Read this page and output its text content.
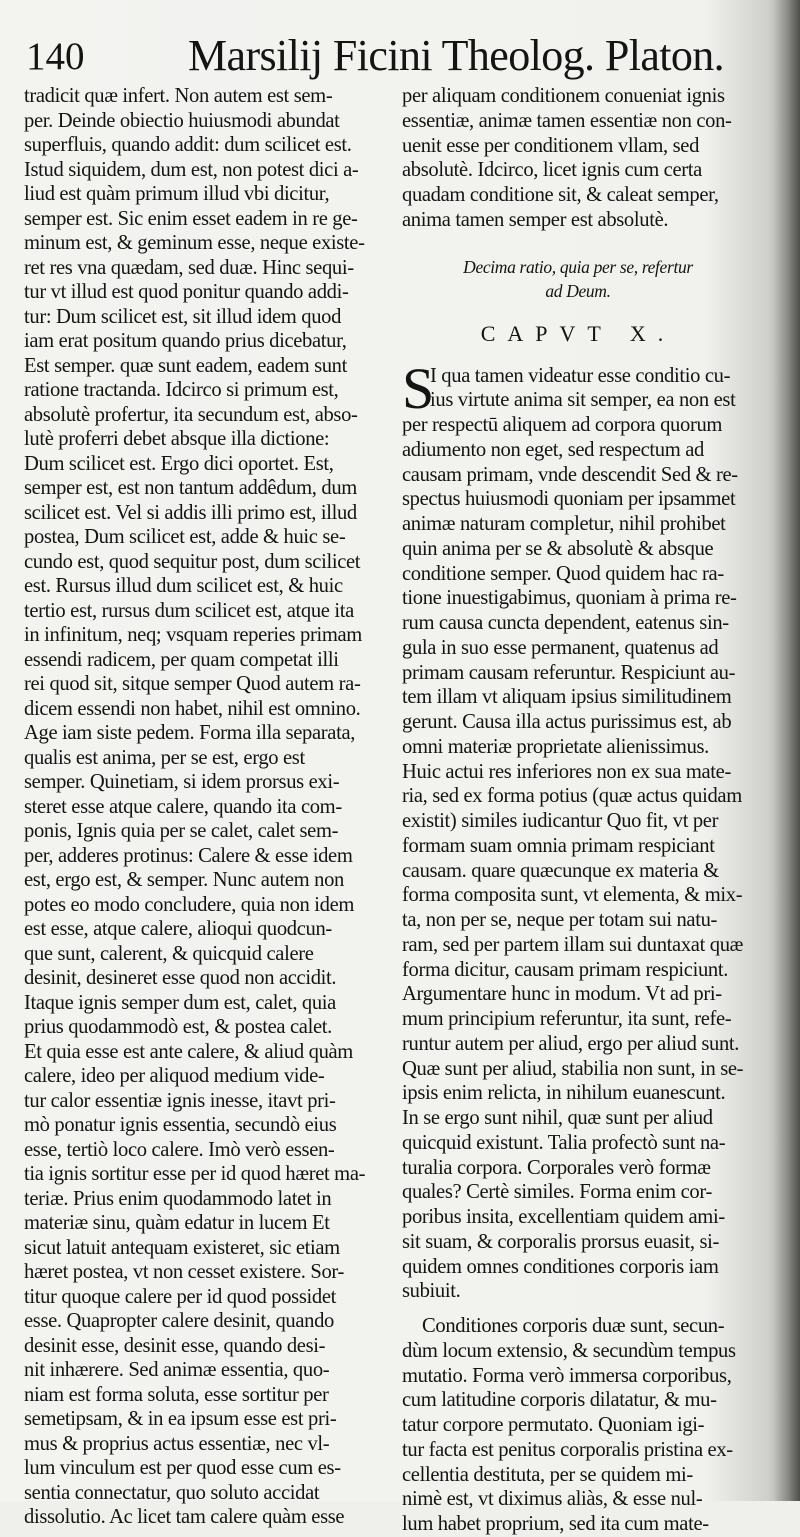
140 Marsilij Ficini Theolog. Platon.
tradicit quæ infert. Non autem est sem-
per. Deinde obiectio huiusmodi abundat
superfluis, quando addit: dum scilicet est.
Istud siquidem, dum est, non potest dici a-
liud est quàm primum illud vbi dicitur,
semper est. Sic enim esset eadem in re ge-
minum est, & geminum esse, neque existe-
ret res vna quædam, sed duæ. Hinc sequi-
tur vt illud est quod ponitur quando addi-
tur: Dum scilicet est, sit illud idem quod
iam erat positum quando prius dicebatur,
Est semper. quæ sunt eadem, eadem sunt
ratione tractanda. Idcirco si primum est,
absolutè profertur, ita secundum est, abso-
lutè proferri debet absque illa dictione:
Dum scilicet est. Ergo dici oportet. Est,
semper est, est non tantum addêdum, dum
scilicet est. Vel si addis illi primo est, illud
postea, Dum scilicet est, adde & huic se-
cundo est, quod sequitur post, dum scilicet
est. Rursus illud dum scilicet est, & huic
tertio est, rursus dum scilicet est, atque ita
in infinitum, neq; vsquam reperies primam
essendi radicem, per quam competat illi
rei quod sit, sitque semper Quod autem ra-
dicem essendi non habet, nihil est omnino.
Age iam siste pedem. Forma illa separata,
qualis est anima, per se est, ergo est
semper. Quinetiam, si idem prorsus exi-
steret esse atque calere, quando ita com-
ponis, Ignis quia per se calet, calet sem-
per, adderes protinus: Calere & esse idem
est, ergo est, & semper. Nunc autem non
potes eo modo concludere, quia non idem
est esse, atque calere, alioqui quodcun-
que sunt, calerent, & quicquid calere
desinit, desineret esse quod non accidit.
Itaque ignis semper dum est, calet, quia
prius quodammodò est, & postea calet.
Et quia esse est ante calere, & aliud quàm
calere, ideo per aliquod medium vide-
tur calor essentiæ ignis inesse, itavt pri-
mò ponatur ignis essentia, secundò eius
esse, tertiò loco calere. Imò verò essen-
tia ignis sortitur esse per id quod hæret ma-
teriæ. Prius enim quodammodo latet in
materiæ sinu, quàm edatur in lucem Et
sicut latuit antequam existeret, sic etiam
hæret postea, vt non cesset existere. Sor-
titur quoque calere per id quod possidet
esse. Quapropter calere desinit, quando
desinit esse, desinit esse, quando desi-
nit inhærere. Sed animæ essentia, quo-
niam est forma soluta, esse sortitur per
semetipsam, & in ea ipsum esse est pri-
mus & proprius actus essentiæ, nec vl-
lum vinculum est per quod esse cum es-
sentia connectatur, quo soluto accidat
dissolutio. Ac licet tam calere quàm esse
per aliquam conditionem conueniat ignis
essentiæ, animæ tamen essentiæ non con-
uenit esse per conditionem vllam, sed
absolutè. Idcirco, licet ignis cum certa
quadam conditione sit, & caleat semper,
anima tamen semper est absolutè.
Decima ratio, quia per se, refertur
ad Deum.
CAPVT X.
S
I qua tamen videatur esse conditio cu-
ius virtute anima sit semper, ea non est
per respectū aliquem ad corpora quorum
adiumento non eget, sed respectum ad
causam primam, vnde descendit Sed & re-
spectus huiusmodi quoniam per ipsammet
animæ naturam completur, nihil prohibet
quin anima per se & absolutè & absque
conditione semper. Quod quidem hac ra-
tione inuestigabimus, quoniam à prima re-
rum causa cuncta dependent, eatenus sin-
gula in suo esse permanent, quatenus ad
primam causam referuntur. Respiciunt au-
tem illam vt aliquam ipsius similitudinem
gerunt. Causa illa actus purissimus est, ab
omni materiæ proprietate alienissimus.
Huic actui res inferiores non ex sua mate-
ria, sed ex forma potius (quæ actus quidam
existit) similes iudicantur Quo fit, vt per
formam suam omnia primam respiciant
causam. quare quæcunque ex materia &
forma composita sunt, vt elementa, & mix-
ta, non per se, neque per totam sui natu-
ram, sed per partem illam sui duntaxat quæ
forma dicitur, causam primam respiciunt.
Argumentare hunc in modum. Vt ad pri-
mum principium referuntur, ita sunt, refe-
runtur autem per aliud, ergo per aliud sunt.
Quæ sunt per aliud, stabilia non sunt, in se-
ipsis enim relicta, in nihilum euanescunt.
In se ergo sunt nihil, quæ sunt per aliud
quicquid existunt. Talia profectò sunt na-
turalia corpora. Corporales verò formæ
quales? Certè similes. Forma enim cor-
poribus insita, excellentiam quidem ami-
sit suam, & corporalis prorsus euasit, si-
quidem omnes conditiones corporis iam
subiuit.
Conditiones corporis duæ sunt, secun-
dùm locum extensio, & secundùm tempus
mutatio. Forma verò immersa corporibus,
cum latitudine corporis dilatatur, & mu-
tatur corpore permutato. Quoniam igi-
tur facta est penitus corporalis pristina ex-
cellentia destituta, per se quidem mi-
nimè est, vt diximus aliàs, & esse nul-
lum habet proprium, sed ita cum mate-
